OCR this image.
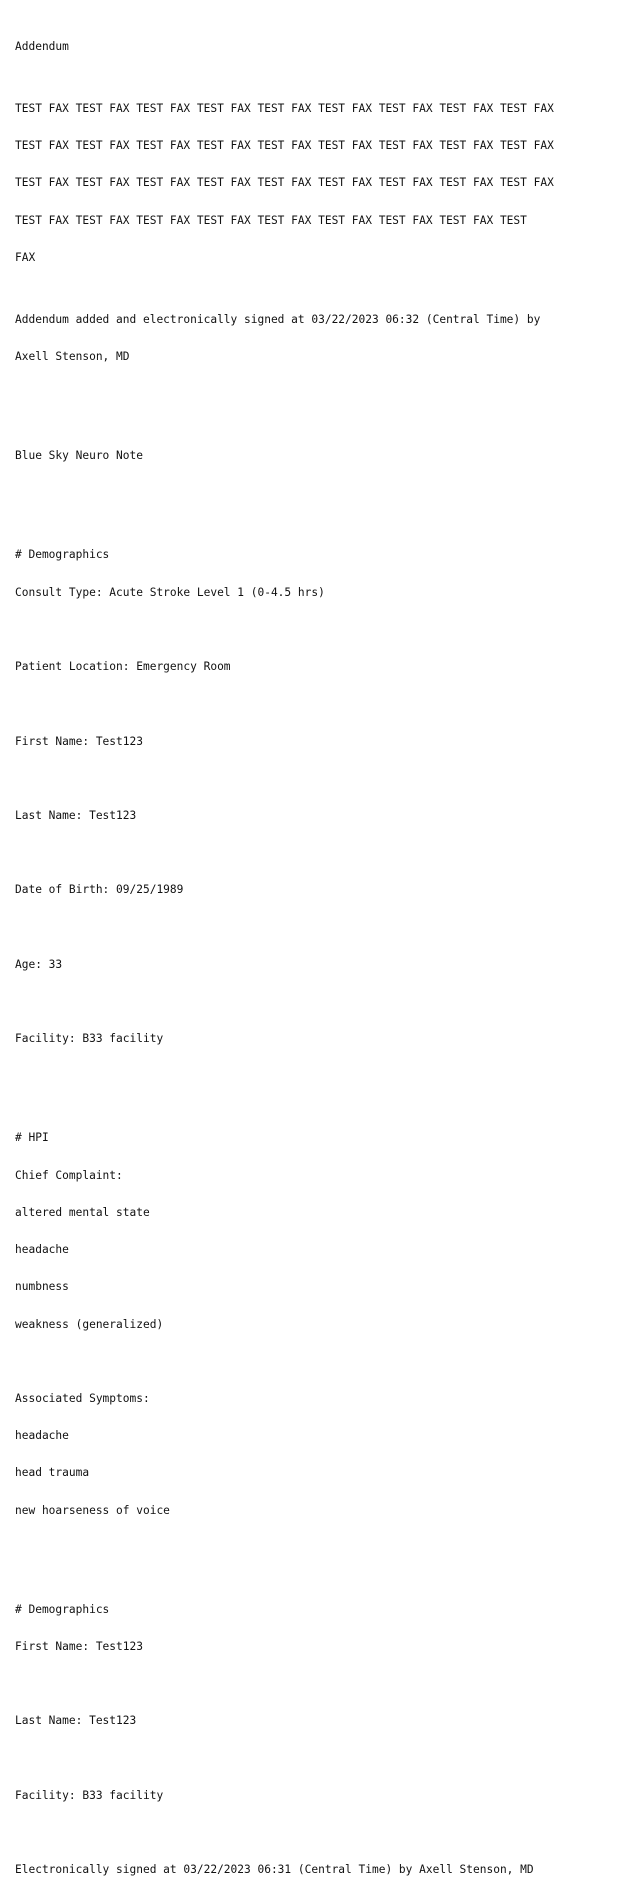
Addendum

TEST FAX TEST FAX TEST FAX TEST FAX TEST FAX TEST FAX TEST FAX TEST FAX TEST FAX

TEST FAX TEST FAX TEST FAX TEST FAX TEST FAX TEST FAX TEST FAX TEST FAX TEST FAX

TEST FAX TEST FAX TEST FAX TEST FAX TEST FAX TEST FAX TEST FAX TEST FAX TEST FAX

TEST FAX TEST FAX TEST FAX TEST FAX TEST FAX TEST FAX TEST FAX TEST FAX TEST

FAX

Addendum added and electronically signed at 03/22/2023 06:32 (Central Time) by

Axell Stenson, MD

Blue Sky Neuro Note

# Demographics

Consult Type: Acute Stroke Level 1 (0-4.5 hrs)

Patient Location: Emergency Room

First Name: Test123

Last Name: Test123

Date of Birth: 09/25/1989

Age: 33

Facility: B33 facility

# HPI

Chief Complaint:

altered mental state

headache

numbness

weakness (generalized)

Associated Symptoms:

headache

head trauma

new hoarseness of voice

# Demographics

First Name: Test123

Last Name: Test123

Facility: B33 facility

Electronically signed at 03/22/2023 06:31 (Central Time) by Axell Stenson, MD
